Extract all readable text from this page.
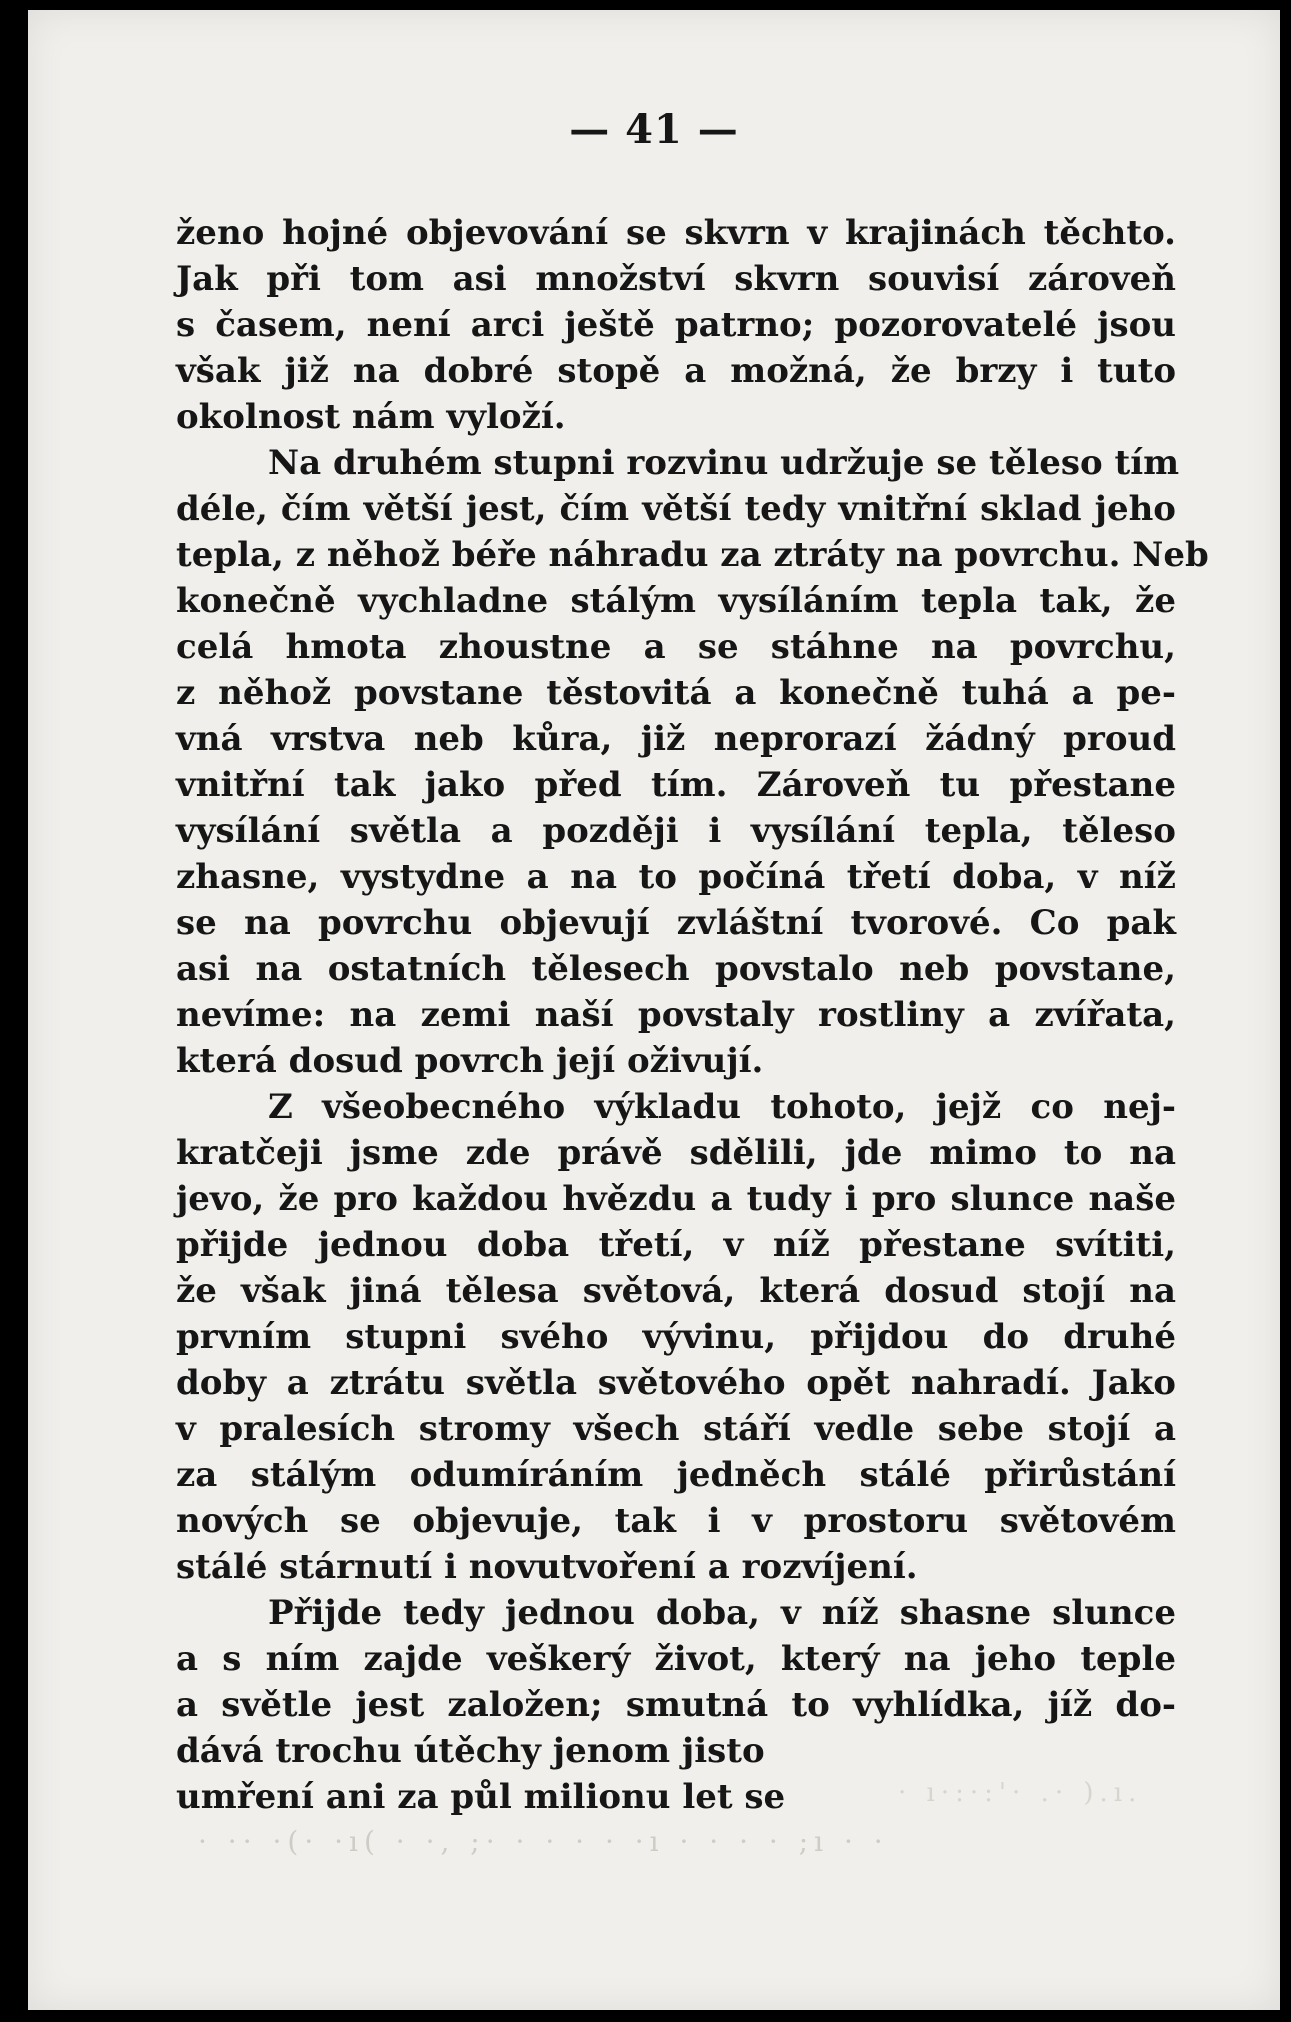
— 41 —
ženo hojné objevování se skvrn v krajinách těchto.
Jak při tom asi množství skvrn souvisí zároveň
s časem, není arci ještě patrno; pozorovatelé jsou
však již na dobré stopě a možná, že brzy i tuto
okolnost nám vyloží.
Na druhém stupni rozvinu udržuje se těleso tím
déle, čím větší jest, čím větší tedy vnitřní sklad jeho
tepla, z něhož béře náhradu za ztráty na povrchu. Neb
konečně vychladne stálým vysíláním tepla tak, že
celá hmota zhoustne a se stáhne na povrchu,
z něhož povstane těstovitá a konečně tuhá a pe-
vná vrstva neb kůra, již neprorazí žádný proud
vnitřní tak jako před tím. Zároveň tu přestane
vysílání světla a později i vysílání tepla, těleso
zhasne, vystydne a na to počíná třetí doba, v níž
se na povrchu objevují zvláštní tvorové. Co pak
asi na ostatních tělesech povstalo neb povstane,
nevíme: na zemi naší povstaly rostliny a zvířata,
která dosud povrch její oživují.
Z všeobecného výkladu tohoto, jejž co nej-
kratčeji jsme zde právě sdělili, jde mimo to na
jevo, že pro každou hvězdu a tudy i pro slunce naše
přijde jednou doba třetí, v níž přestane svítiti,
že však jiná tělesa světová, která dosud stojí na
prvním stupni svého vývinu, přijdou do druhé
doby a ztrátu světla světového opět nahradí. Jako
v pralesích stromy všech stáří vedle sebe stojí a
za stálým odumíráním jedněch stálé přirůstání
nových se objevuje, tak i v prostoru světovém
stálé stárnutí i novutvoření a rozvíjení.
Přijde tedy jednou doba, v níž shasne slunce
a s ním zajde veškerý život, který na jeho teple
a světle jest založen; smutná to vyhlídka, jíž do-
dává trochu útěchy jenom jisto
umření ani za půl milionu let se	· ı·:·:'· .· ).ı.
· ·· ·(· ·ı( · ·, ;· · · · · ·ı · · · · ;ı · ·
